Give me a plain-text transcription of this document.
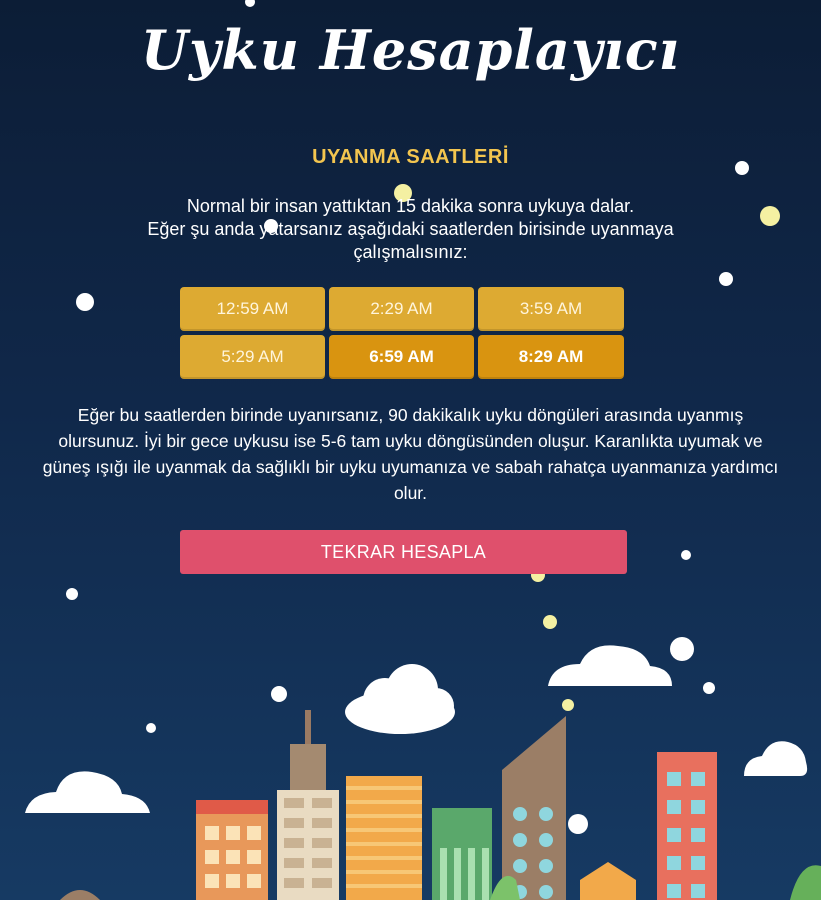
Uyku Hesaplayıcı
UYANMA SAATLERİ
Normal bir insan yattıktan 15 dakika sonra uykuya dalar.
Eğer şu anda yatarsanız aşağıdaki saatlerden birisinde uyanmaya
çalışmalısınız:
12:59 AM	2:29 AM	3:59 AM
5:29 AM	6:59 AM	8:29 AM
Eğer bu saatlerden birinde uyanırsanız, 90 dakikalık uyku döngüleri arasında uyanmış olursunuz. İyi bir gece uykusu ise 5-6 tam uyku döngüsünden oluşur. Karanlıkta uyumak ve güneş ışığı ile uyanmak da sağlıklı bir uyku uyumanıza ve sabah rahatça uyanmanıza yardımcı olur.
TEKRAR HESAPLA
